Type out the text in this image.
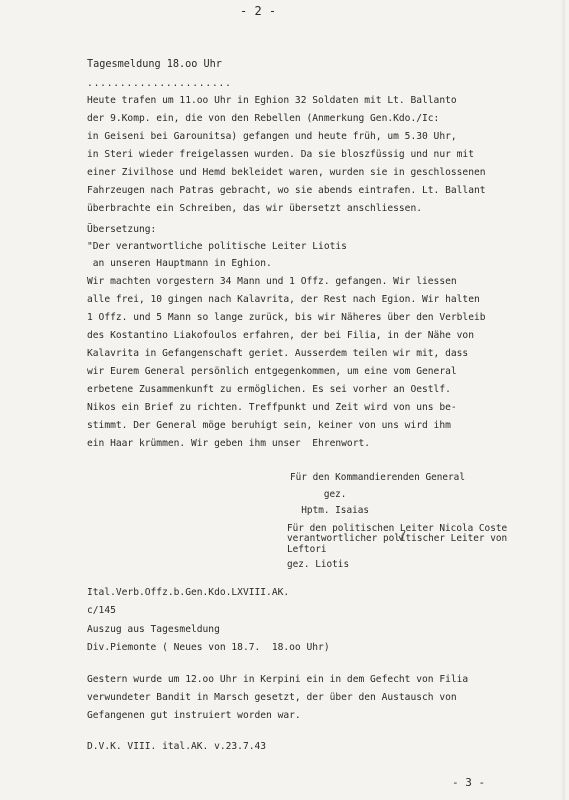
- 2 -
Tagesmeldung 18.oo Uhr
......................
Heute trafen um 11.oo Uhr in Eghion 32 Soldaten mit Lt. Ballanto
der 9.Komp. ein, die von den Rebellen (Anmerkung Gen.Kdo./Ic:
in Geiseni bei Garounitsa) gefangen und heute früh, um 5.30 Uhr,
in Steri wieder freigelassen wurden. Da sie bloszfüssig und nur mit
einer Zivilhose und Hemd bekleidet waren, wurden sie in geschlossenen
Fahrzeugen nach Patras gebracht, wo sie abends eintrafen. Lt. Ballant
überbrachte ein Schreiben, das wir übersetzt anschliessen.
Übersetzung:
"Der verantwortliche politische Leiter Liotis
an unseren Hauptmann in Eghion.
Wir machten vorgestern 34 Mann und 1 Offz. gefangen. Wir liessen
alle frei, 10 gingen nach Kalavrita, der Rest nach Egion. Wir halten
1 Offz. und 5 Mann so lange zurück, bis wir Näheres über den Verbleib
des Kostantino Liakofoulos erfahren, der bei Filia, in der Nähe von
Kalavrita in Gefangenschaft geriet. Ausserdem teilen wir mit, dass
wir Eurem General persönlich entgegenkommen, um eine vom General
erbetene Zusammenkunft zu ermöglichen. Es sei vorher an Oestlf.
Nikos ein Brief zu richten. Treffpunkt und Zeit wird von uns be-
stimmt. Der General möge beruhigt sein, keiner von uns wird ihm
ein Haar krümmen. Wir geben ihm unser  Ehrenwort.
Für den Kommandierenden General
gez.
Hptm. Isaias
Für den politischen Leiter Nicola Coste
verantwortlicher politischer Leiter von
Leftori
gez. Liotis
Ital.Verb.Offz.b.Gen.Kdo.LXVIII.AK.
c/145
Auszug aus Tagesmeldung
Div.Piemonte ( Neues von 18.7.  18.oo Uhr)
Gestern wurde um 12.oo Uhr in Kerpini ein in dem Gefecht von Filia
verwundeter Bandit in Marsch gesetzt, der über den Austausch von
Gefangenen gut instruiert worden war.
D.V.K. VIII. ital.AK. v.23.7.43
- 3 -
